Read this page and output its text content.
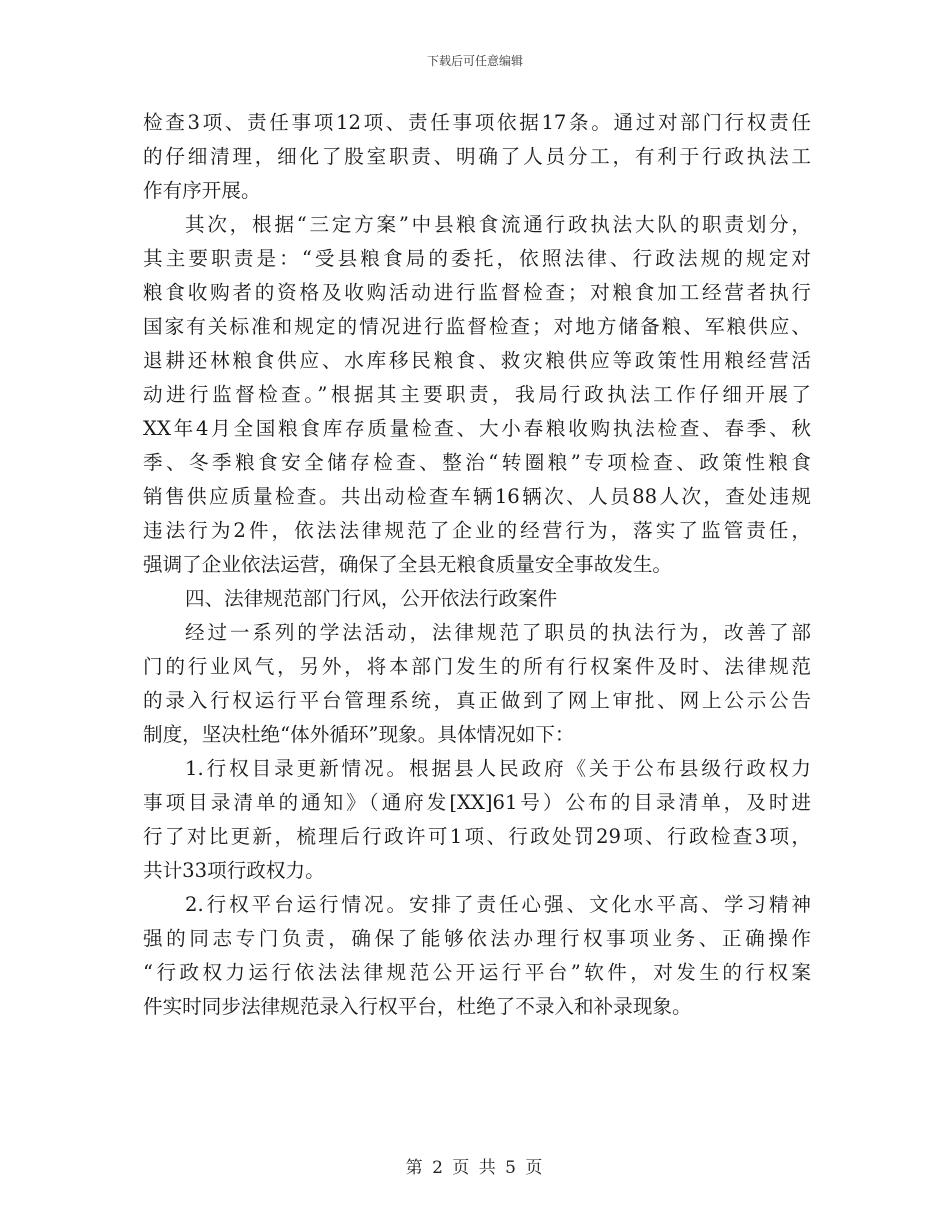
下载后可任意编辑
检查3项、责任事项12项、责任事项依据17条。通过对部门行权责任
的仔细清理，细化了股室职责、明确了人员分工，有利于行政执法工
作有序开展。
其次，根据“三定方案”中县粮食流通行政执法大队的职责划分，
其主要职责是：“受县粮食局的委托，依照法律、行政法规的规定对
粮食收购者的资格及收购活动进行监督检查；对粮食加工经营者执行
国家有关标准和规定的情况进行监督检查；对地方储备粮、军粮供应、
退耕还林粮食供应、水库移民粮食、救灾粮供应等政策性用粮经营活
动进行监督检查。”根据其主要职责，我局行政执法工作仔细开展了
XX年4月全国粮食库存质量检查、大小春粮收购执法检查、春季、秋
季、冬季粮食安全储存检查、整治“转圈粮”专项检查、政策性粮食
销售供应质量检查。共出动检查车辆16辆次、人员88人次，查处违规
违法行为2件，依法法律规范了企业的经营行为，落实了监管责任，
强调了企业依法运营，确保了全县无粮食质量安全事故发生。
四、法律规范部门行风，公开依法行政案件
经过一系列的学法活动，法律规范了职员的执法行为，改善了部
门的行业风气，另外，将本部门发生的所有行权案件及时、法律规范
的录入行权运行平台管理系统，真正做到了网上审批、网上公示公告
制度，坚决杜绝“体外循环”现象。具体情况如下：
1.行权目录更新情况。根据县人民政府《关于公布县级行政权力
事项目录清单的通知》（通府发[XX]61号）公布的目录清单，及时进
行了对比更新，梳理后行政许可1项、行政处罚29项、行政检查3项，
共计33项行政权力。
2.行权平台运行情况。安排了责任心强、文化水平高、学习精神
强的同志专门负责，确保了能够依法办理行权事项业务、正确操作
“行政权力运行依法法律规范公开运行平台”软件，对发生的行权案
件实时同步法律规范录入行权平台，杜绝了不录入和补录现象。
第 2 页 共 5 页
